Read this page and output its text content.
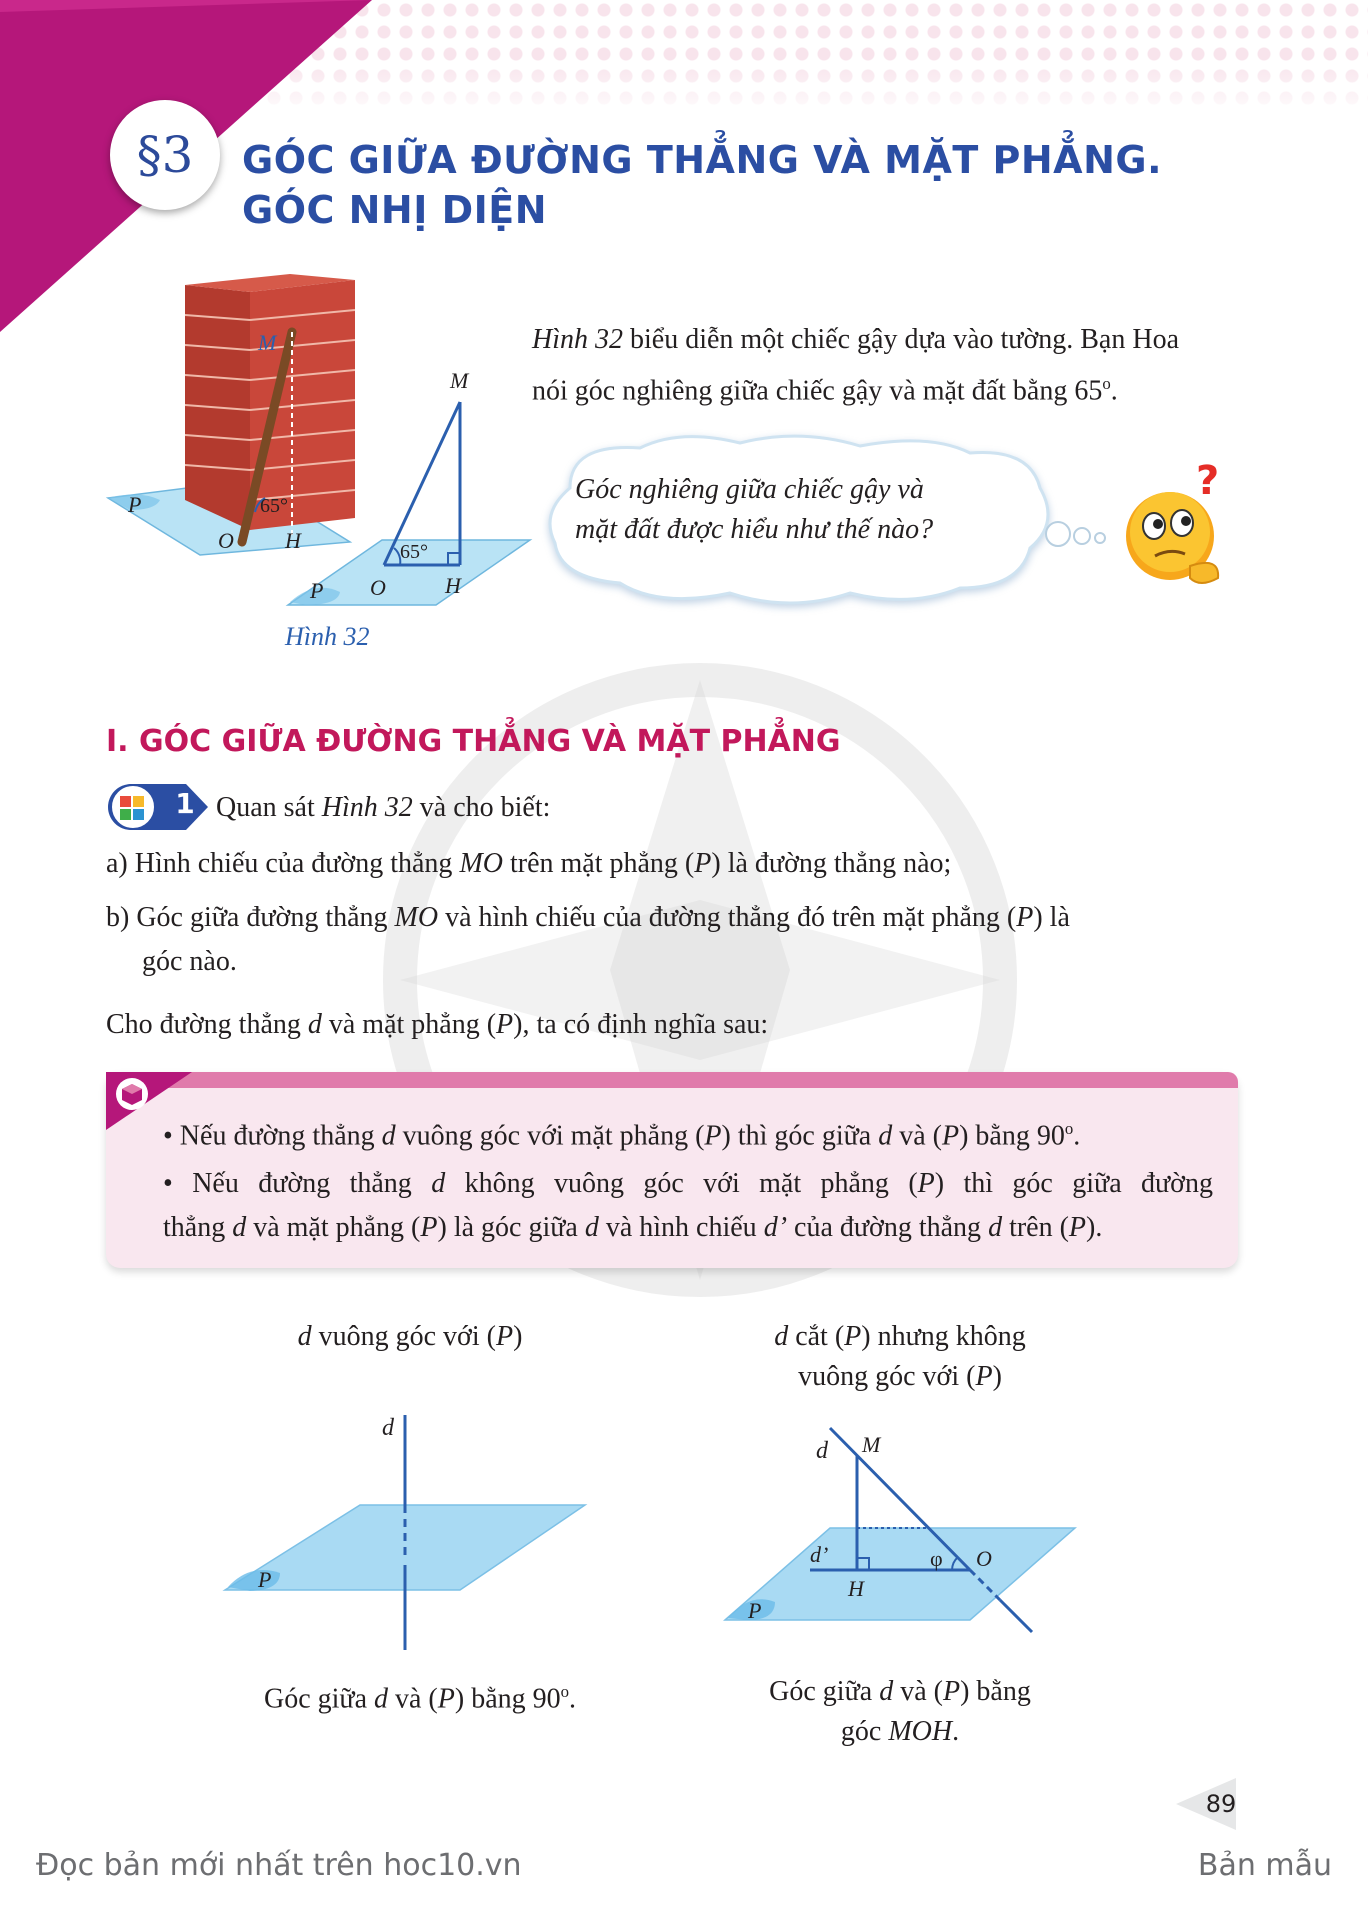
§3	GÓC GIỮA ĐƯỜNG THẲNG VÀ MẶT PHẲNG.
GÓC NHỊ DIỆN
M
O H
65°
P
M
65°
O	H
P
Hình 32
Hình 32 biểu diễn một chiếc gậy dựa vào tường. Bạn Hoa
nói góc nghiêng giữa chiếc gậy và mặt đất bằng 65$^o$.
?
Góc nghiêng giữa chiếc gậy và
mặt đất được hiểu như thế nào?
I. GÓC GIỮA ĐƯỜNG THẲNG VÀ MẶT PHẲNG
1 Quan sát Hình 32 và cho biết:
a) Hình chiếu của đường thẳng MO trên mặt phẳng (P) là đường thẳng nào;
b) Góc giữa đường thẳng MO và hình chiếu của đường thẳng đó trên mặt phẳng (P) là
góc nào.
Cho đường thẳng d và mặt phẳng (P), ta có định nghĩa sau:
• Nếu đường thẳng d vuông góc với mặt phẳng (P) thì góc giữa d và (P) bằng 90$^o$.
• Nếu đường thẳng d không vuông góc với mặt phẳng (P) thì góc giữa đường
thẳng d và mặt phẳng (P) là góc giữa d và hình chiếu d’ của đường thẳng d trên (P).
d vuông góc với (P)
d
P
Góc giữa d và (P) bằng 90$^o$.
d cắt (P) nhưng không
vuông góc với (P)
d M
d’
H
φ O
P
Góc giữa d và (P) bằng
góc MOH.
89
Đọc bản mới nhất trên hoc10.vn	Bản mẫu
